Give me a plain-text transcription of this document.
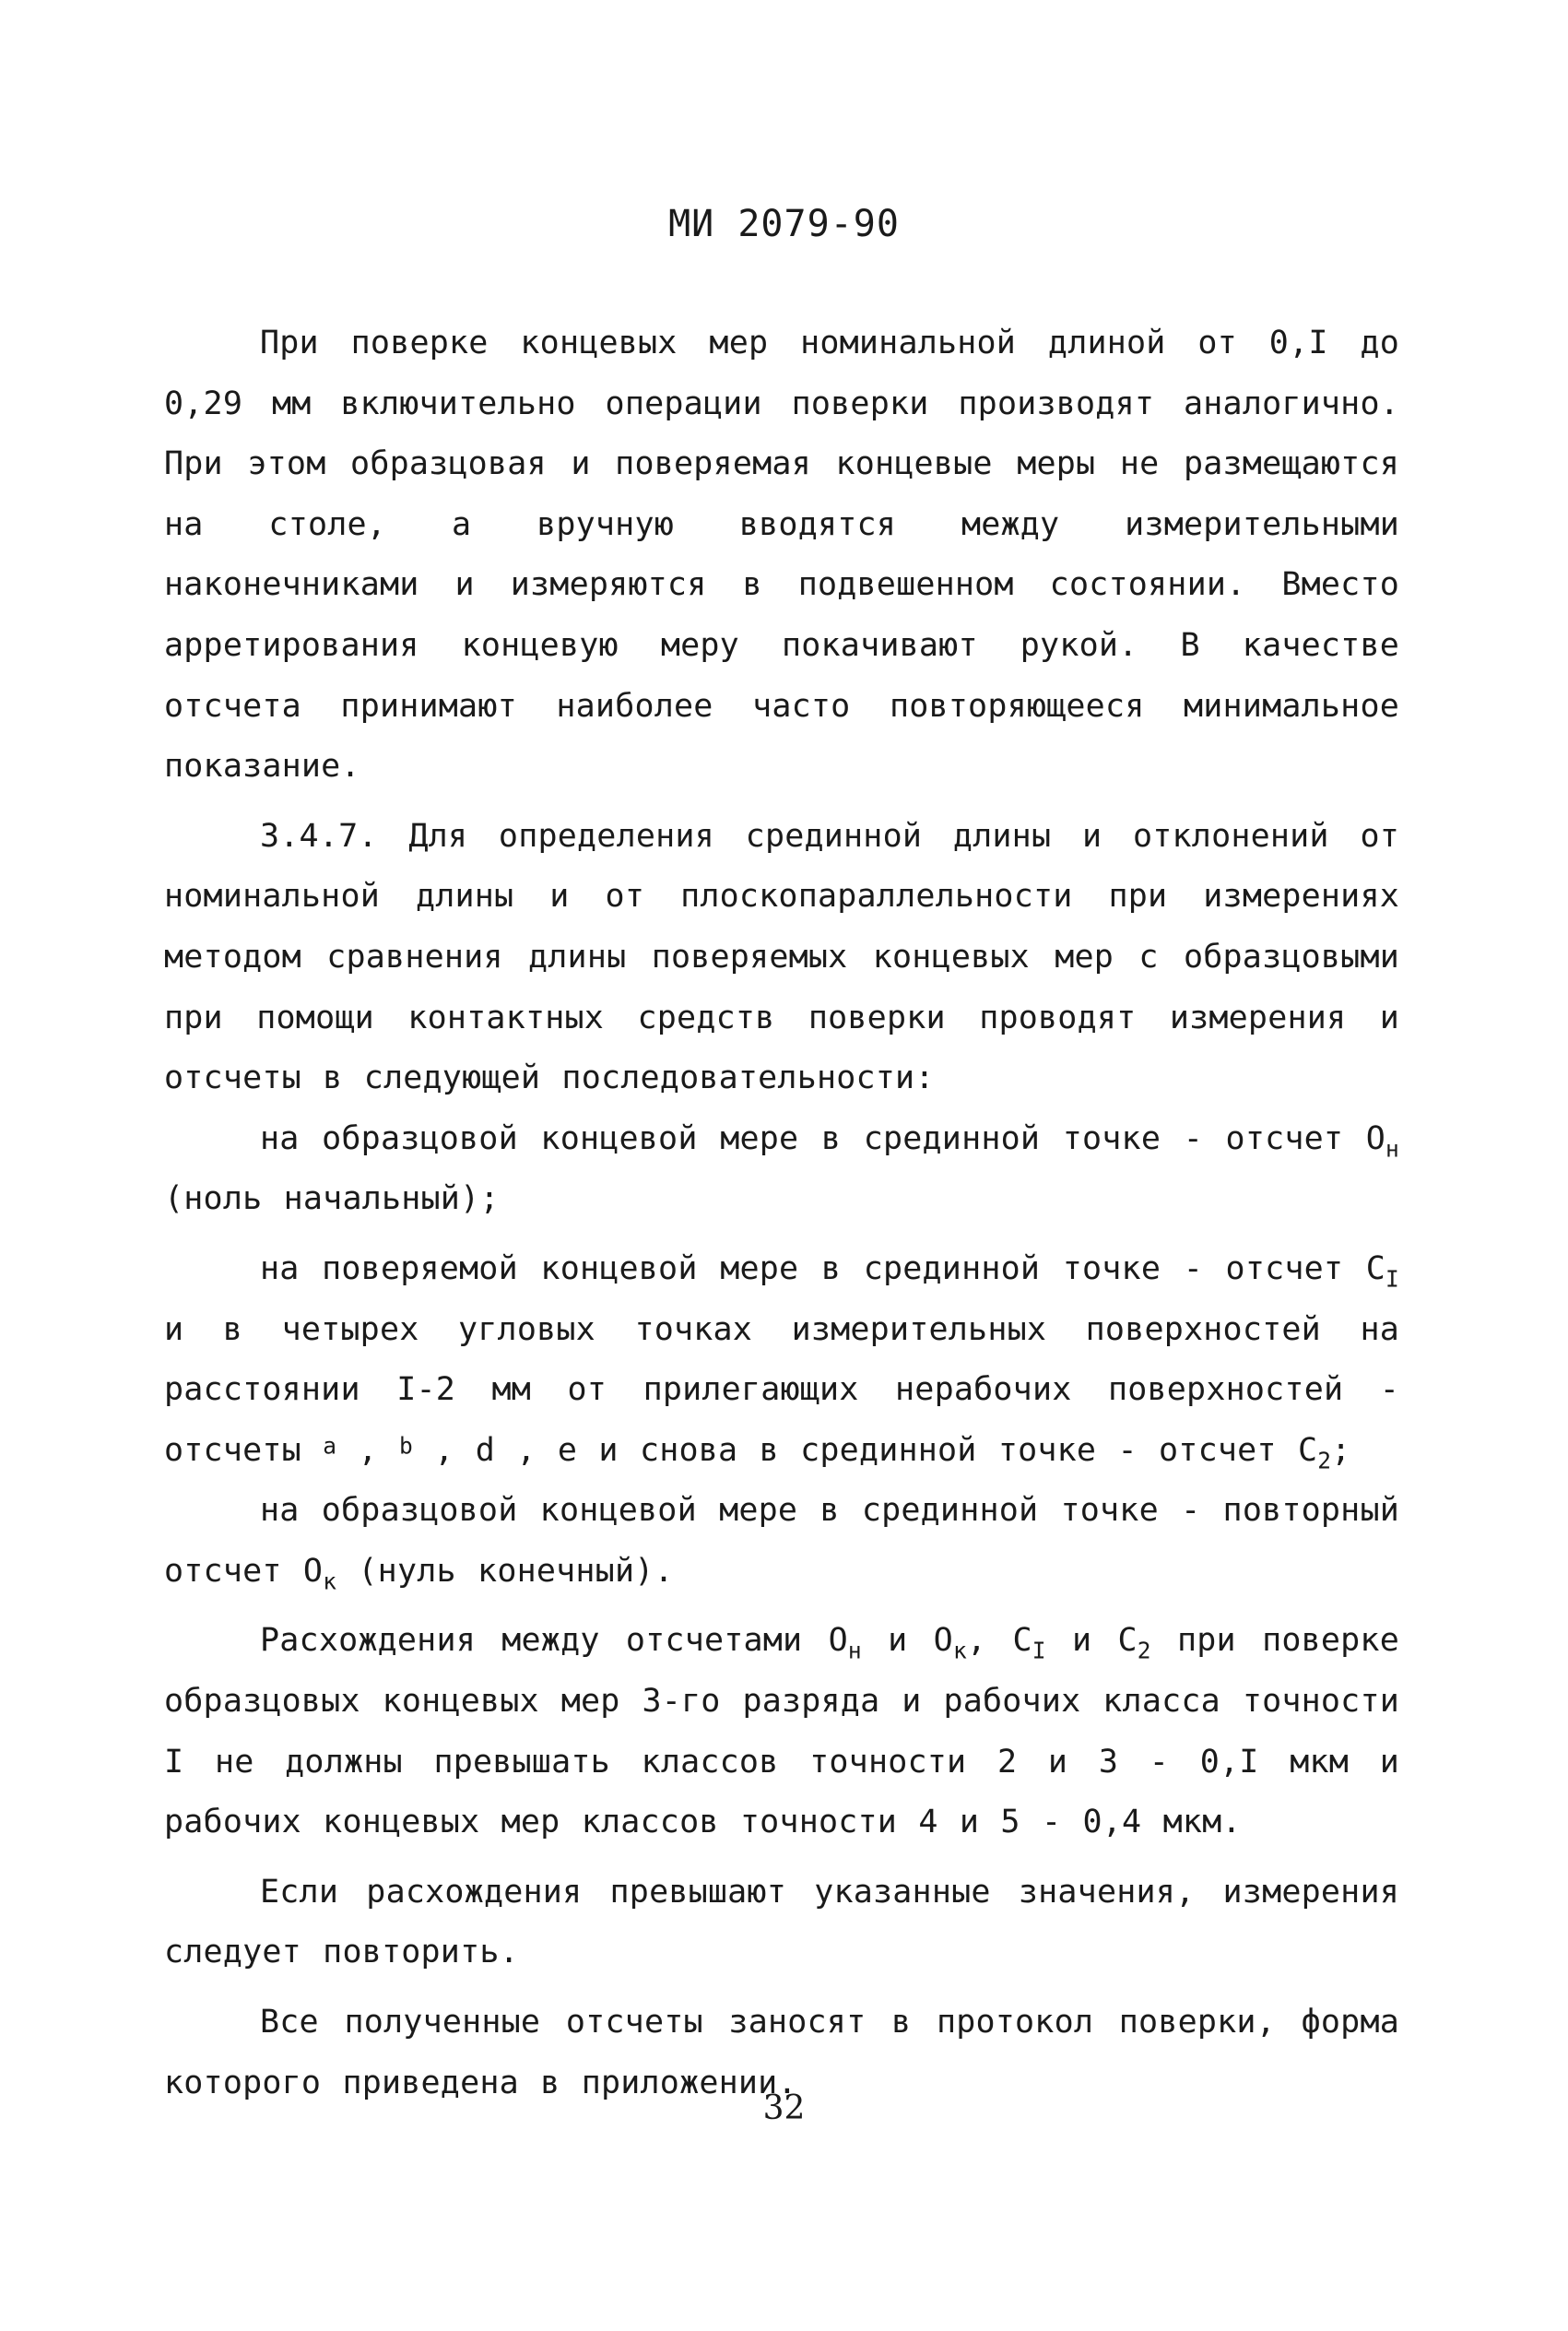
МИ 2079-90

При поверке концевых мер номинальной длиной от 0,I до 0,29 мм включительно операции поверки производят аналогично. При этом образцовая и поверяемая концевые меры не размещаются на столе, а вручную вводятся между измерительными наконечниками и измеряются в подвешенном состоянии. Вместо арретирования концевую меру покачивают рукой. В качестве отсчета принимают наиболее часто повторяющееся минимальное показание.

3.4.7. Для определения срединной длины и отклонений от номинальной длины и от плоскопараллельности при измерениях методом сравнения длины поверяемых концевых мер с образцовыми при помощи контактных средств поверки проводят измерения и отсчеты в следующей последовательности:

на образцовой концевой мере в срединной точке - отсчет $O_н$ (ноль начальный);

на поверяемой концевой мере в срединной точке - отсчет $C_I$ и в четырех угловых точках измерительных поверхностей на расстоянии I-2 мм от прилегающих нерабочих поверхностей - отсчеты $^a$ , $^b$ , d , e и снова в срединной точке - отсчет $C_2$;

на образцовой концевой мере в срединной точке - повторный отсчет $O_к$ (нуль конечный).

Расхождения между отсчетами $O_н$ и $O_к$, $C_I$ и $C_2$ при поверке образцовых концевых мер 3-го разряда и рабочих класса точности I не должны превышать классов точности 2 и 3 - 0,I мкм и рабочих концевых мер классов точности 4 и 5 - 0,4 мкм.

Если расхождения превышают указанные значения, измерения следует повторить.

Все полученные отсчеты заносят в протокол поверки, форма которого приведена в приложении.

32
